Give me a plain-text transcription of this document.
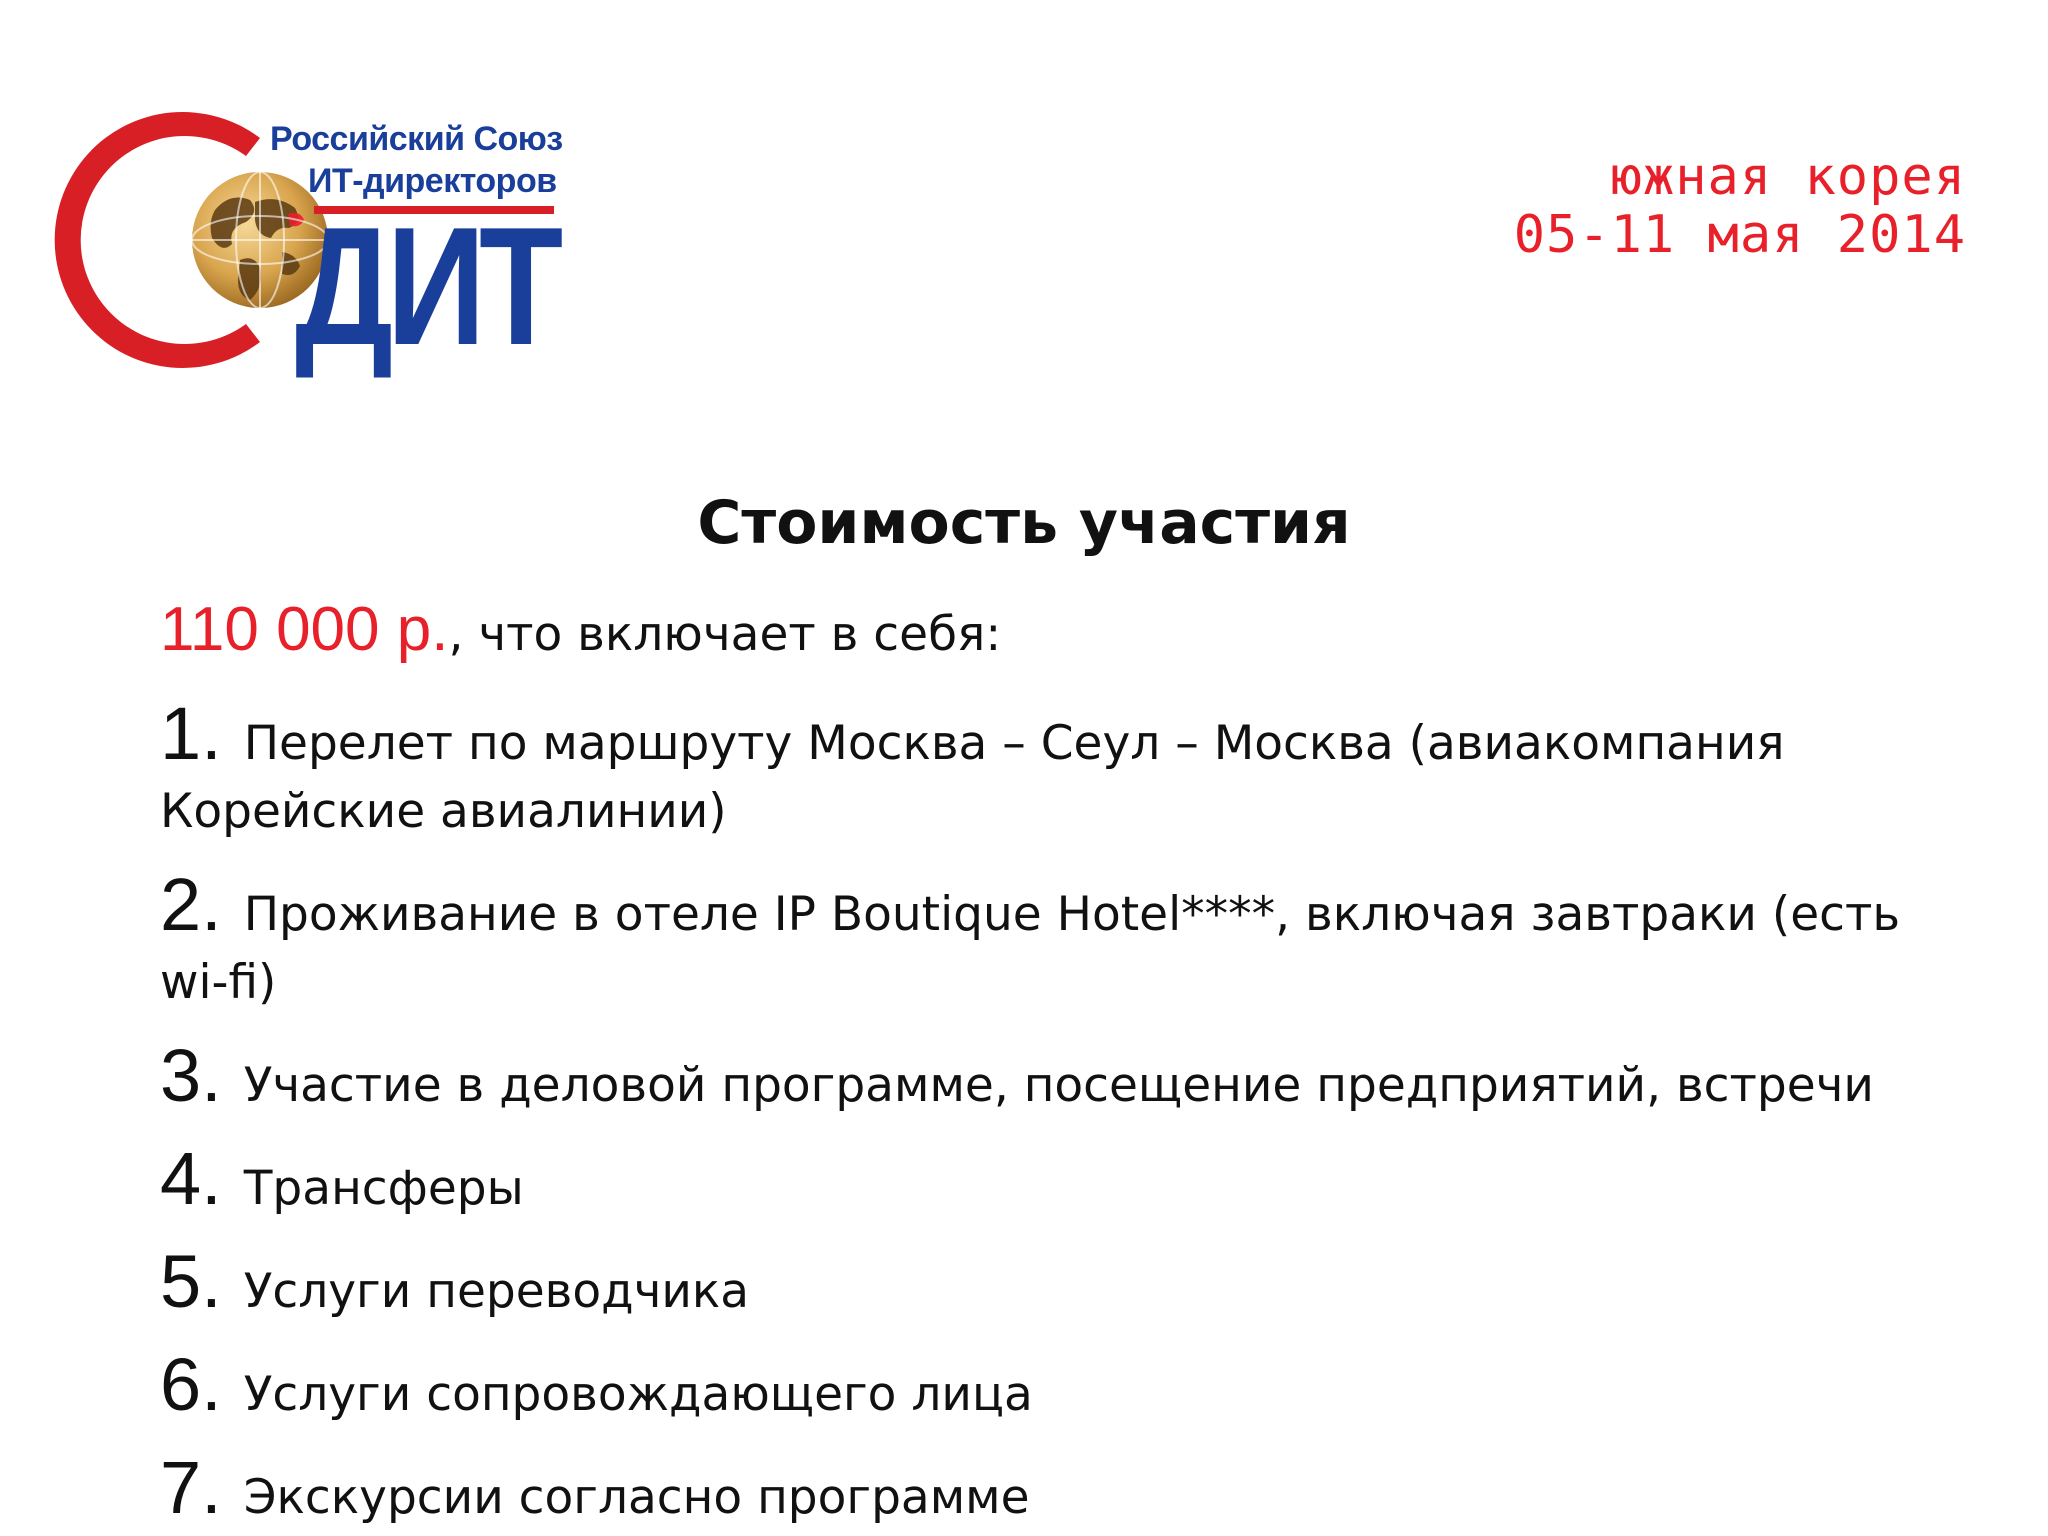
Российский Союз
ИТ-директоров
ДИТ
южная корея
05-11 мая 2014
Стоимость участия
110 000 р., что включает в себя:
1. Перелет по маршруту Москва – Сеул – Москва (авиакомпания Корейские авиалинии)
2. Проживание в отеле IP Boutique Hotel****, включая завтраки (есть wi-fi)
3. Участие в деловой программе, посещение предприятий, встречи
4. Трансферы
5. Услуги переводчика
6. Услуги сопровождающего лица
7. Экскурсии согласно программе
